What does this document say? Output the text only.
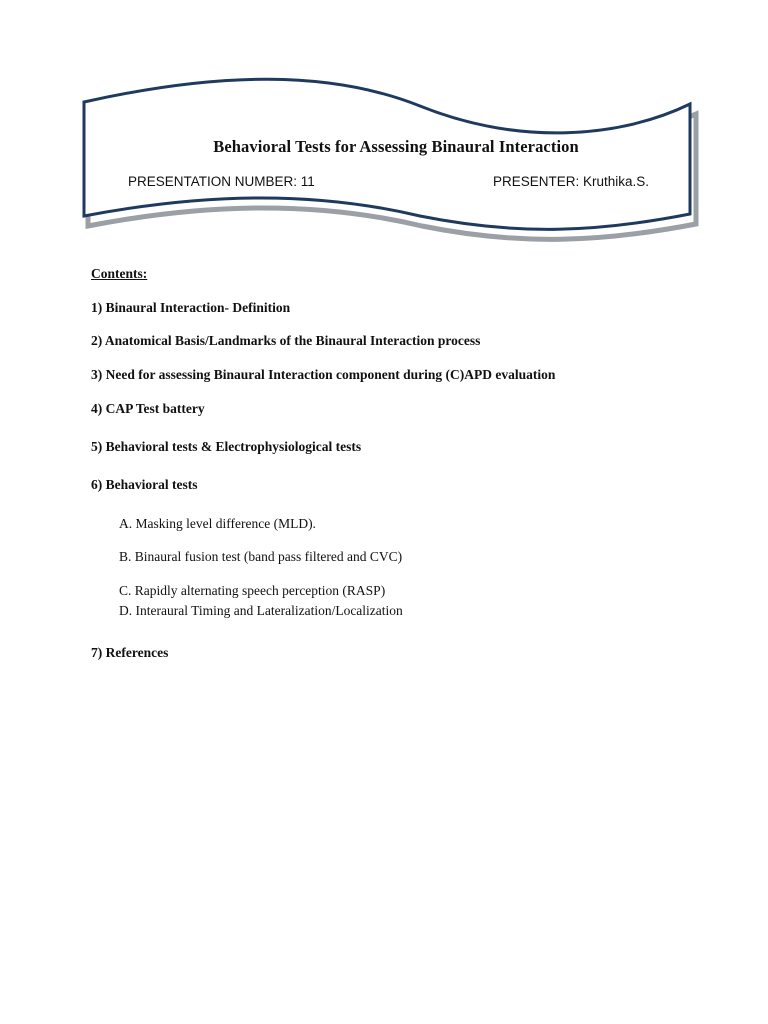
Behavioral Tests for Assessing Binaural Interaction
PRESENTATION NUMBER: 11	PRESENTER: Kruthika.S.
Contents:
1) Binaural Interaction- Definition
2) Anatomical Basis/Landmarks of the Binaural Interaction process
3) Need for assessing Binaural Interaction component during (C)APD evaluation
4) CAP Test battery
5) Behavioral tests & Electrophysiological tests
6) Behavioral tests
A. Masking level difference (MLD).
B. Binaural fusion test (band pass filtered and CVC)
C. Rapidly alternating speech perception (RASP)
D. Interaural Timing and Lateralization/Localization
7) References
